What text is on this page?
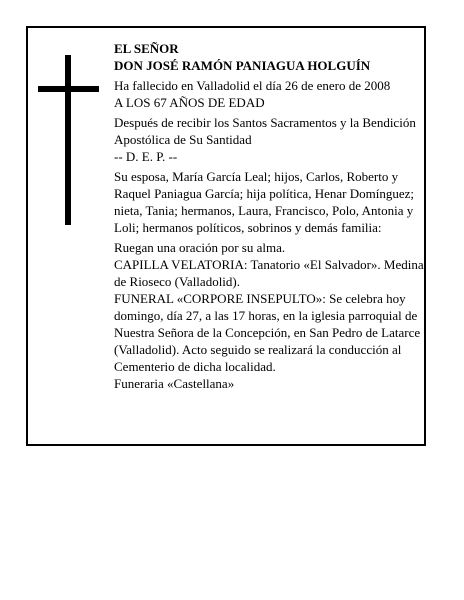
EL SEÑOR

DON JOSÉ RAMÓN PANIAGUA HOLGUÍN

Ha fallecido en Valladolid el día 26 de enero de 2008

A LOS 67 AÑOS DE EDAD

Después de recibir los Santos Sacramentos y la Bendición Apostólica de Su Santidad

-- D. E. P. --

Su esposa, María García Leal; hijos, Carlos, Roberto y Raquel Paniagua García; hija política, Henar Domínguez; nieta, Tania; hermanos, Laura, Francisco, Polo, Antonia y Loli; hermanos políticos, sobrinos y demás familia:

Ruegan una oración por su alma.

CAPILLA VELATORIA: Tanatorio «El Salvador». Medina de Rioseco (Valladolid).

FUNERAL «CORPORE INSEPULTO»: Se celebra hoy domingo, día 27, a las 17 horas, en la iglesia parroquial de Nuestra Señora de la Concepción, en San Pedro de Latarce (Valladolid). Acto seguido se realizará la conducción al Cementerio de dicha localidad.

Funeraria «Castellana»
